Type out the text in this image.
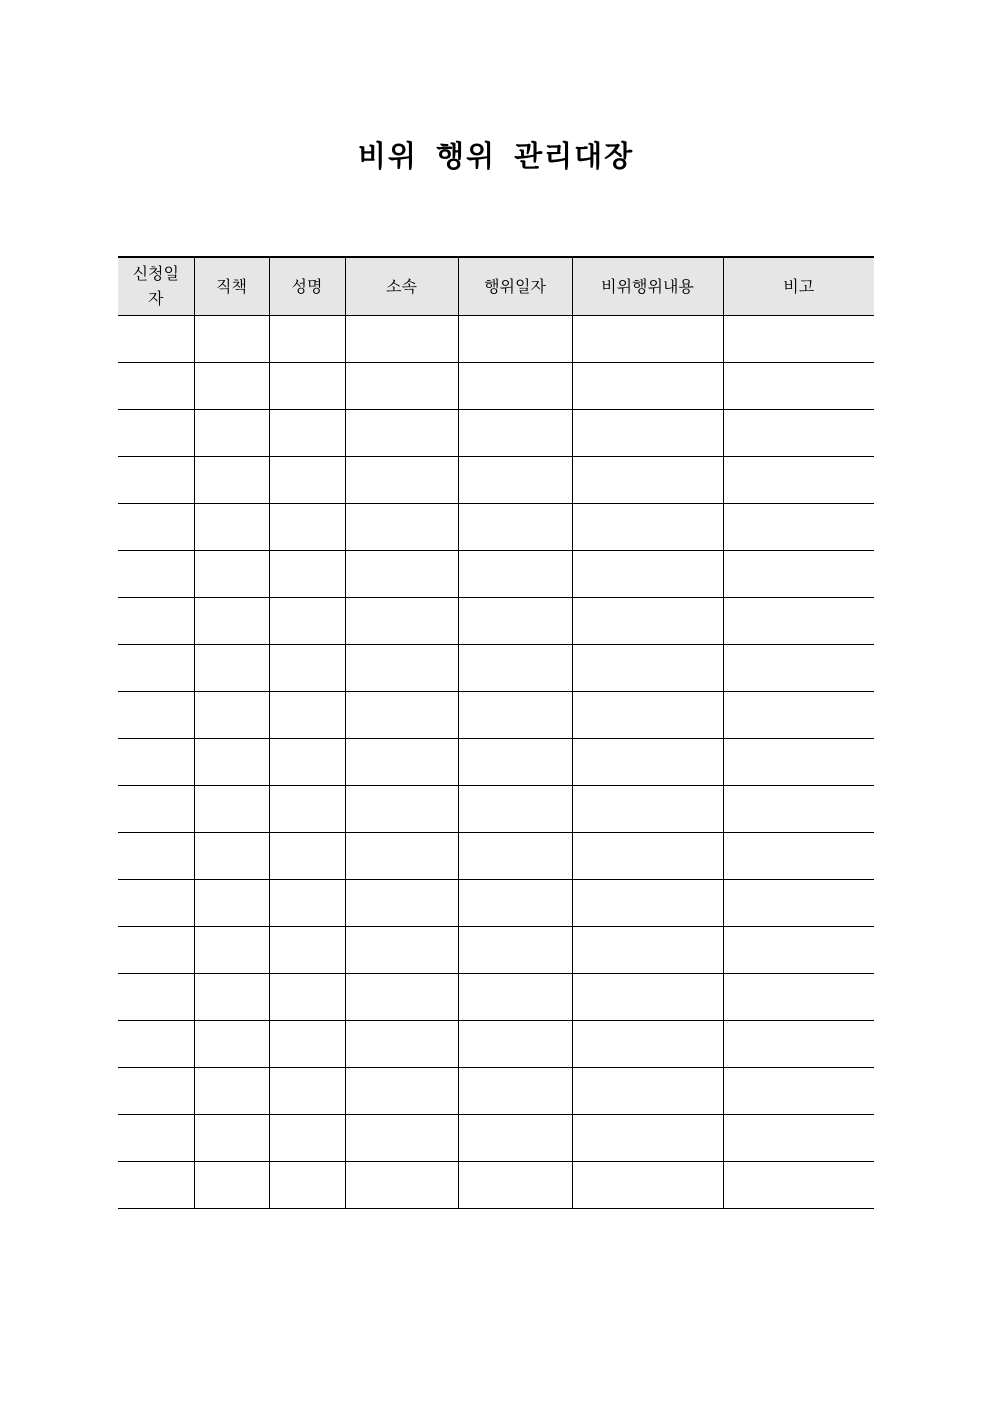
비위 행위 관리대장
신청일자	직책	성명	소속	행위일자	비위행위내용	비고
